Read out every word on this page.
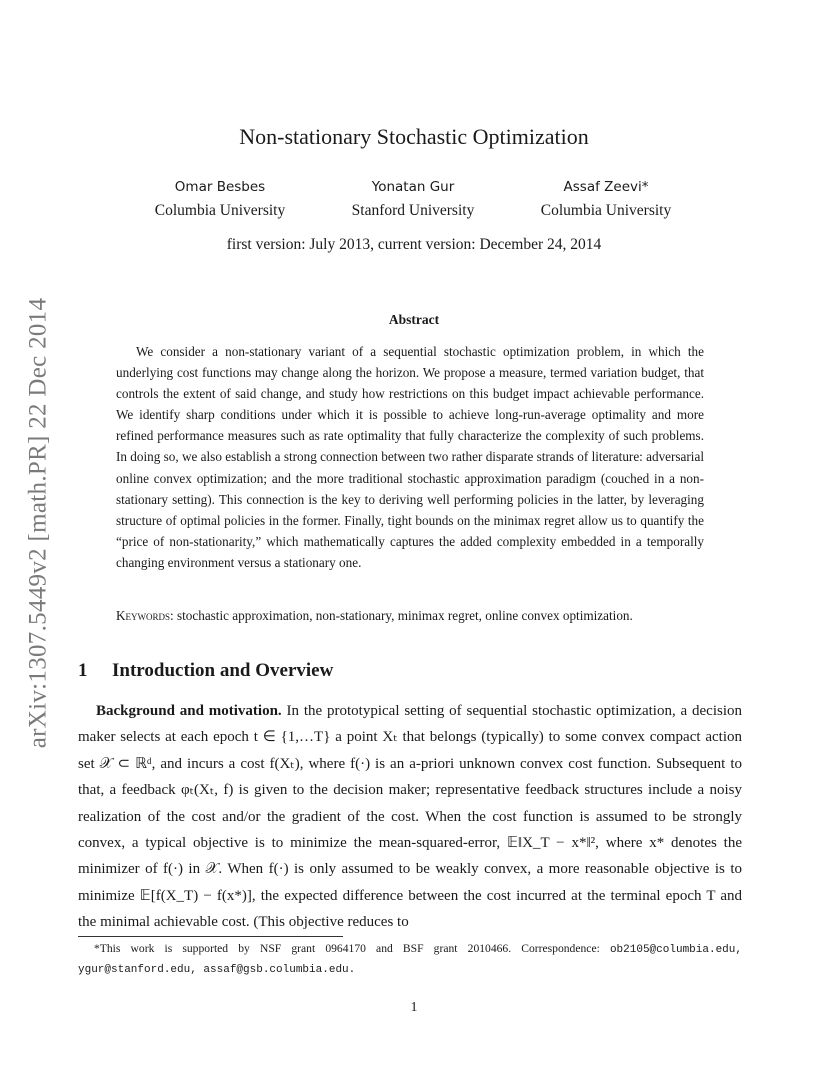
arXiv:1307.5449v2 [math.PR] 22 Dec 2014
Non-stationary Stochastic Optimization
Omar Besbes
Columbia University
Yonatan Gur
Stanford University
Assaf Zeevi*
Columbia University
first version: July 2013, current version: December 24, 2014
Abstract

We consider a non-stationary variant of a sequential stochastic optimization problem, in which the underlying cost functions may change along the horizon. We propose a measure, termed variation budget, that controls the extent of said change, and study how restrictions on this budget impact achievable performance. We identify sharp conditions under which it is possible to achieve long-run-average optimality and more refined performance measures such as rate optimality that fully characterize the complexity of such problems. In doing so, we also establish a strong connection between two rather disparate strands of literature: adversarial online convex optimization; and the more traditional stochastic approximation paradigm (couched in a non-stationary setting). This connection is the key to deriving well performing policies in the latter, by leveraging structure of optimal policies in the former. Finally, tight bounds on the minimax regret allow us to quantify the “price of non-stationarity,” which mathematically captures the added complexity embedded in a temporally changing environment versus a stationary one.

Keywords: stochastic approximation, non-stationary, minimax regret, online convex optimization.

1 Introduction and Overview

Background and motivation. In the prototypical setting of sequential stochastic optimization, a decision maker selects at each epoch t ∈ {1,…T} a point Xₜ that belongs (typically) to some convex compact action set 𝒳 ⊂ ℝᵈ, and incurs a cost f(Xₜ), where f(·) is an a-priori unknown convex cost function. Subsequent to that, a feedback φₜ(Xₜ, f) is given to the decision maker; representative feedback structures include a noisy realization of the cost and/or the gradient of the cost. When the cost function is assumed to be strongly convex, a typical objective is to minimize the mean-squared-error, 𝔼‖X_T − x*‖², where x* denotes the minimizer of f(·) in 𝒳. When f(·) is only assumed to be weakly convex, a more reasonable objective is to minimize 𝔼[f(X_T) − f(x*)], the expected difference between the cost incurred at the terminal epoch T and the minimal achievable cost. (This objective reduces to

*This work is supported by NSF grant 0964170 and BSF grant 2010466. Correspondence: ob2105@columbia.edu, ygur@stanford.edu, assaf@gsb.columbia.edu.

1
